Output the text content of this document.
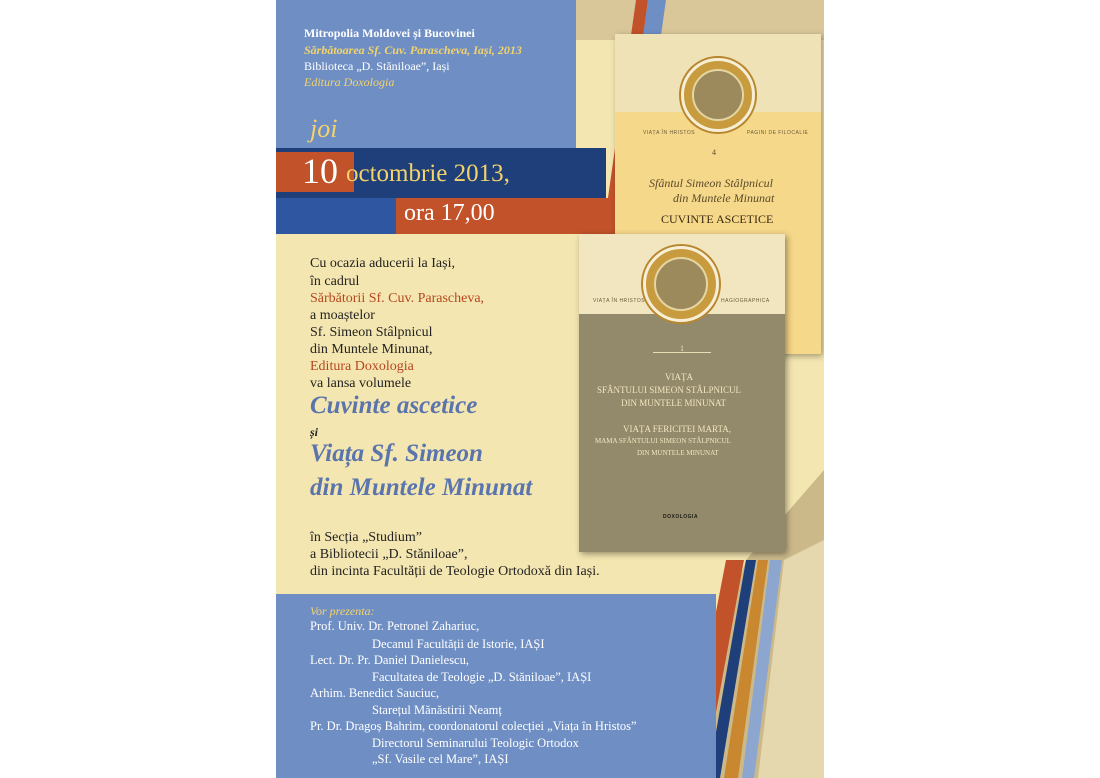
Mitropolia Moldovei și Bucovinei
Sărbătoarea Sf. Cuv. Parascheva, Iași, 2013
Biblioteca „D. Stăniloae”, Iași
Editura Doxologia
joi
10 octombrie 2013,
ora 17,00
VIAȚA ÎN HRISTOS	PAGINI DE FILOCALIE
4
Sfântul Simeon Stâlpnicul
din Muntele Minunat
CUVINTE ASCETICE
VIAȚA ÎN HRISTOS	HAGIOGRAPHICA
1
VIAȚA
SFÂNTULUI SIMEON STÂLPNICUL
DIN MUNTELE MINUNAT
VIAȚA FERICITEI MARTA,
MAMA SFÂNTULUI SIMEON STÂLPNICUL
DIN MUNTELE MINUNAT
DOXOLOGIA
Cu ocazia aducerii la Iași,
în cadrul
Sărbătorii Sf. Cuv. Parascheva,
a moaștelor
Sf. Simeon Stâlpnicul
din Muntele Minunat,
Editura Doxologia
va lansa volumele
Cuvinte ascetice
și
Viața Sf. Simeon
din Muntele Minunat
în Secția „Studium”
a Bibliotecii „D. Stăniloae”,
din incinta Facultății de Teologie Ortodoxă din Iași.
Vor prezenta:
Prof. Univ. Dr. Petronel Zahariuc,
Decanul Facultății de Istorie, IAȘI
Lect. Dr. Pr. Daniel Danielescu,
Facultatea de Teologie „D. Stăniloae”, IAȘI
Arhim. Benedict Sauciuc,
Starețul Mănăstirii Neamț
Pr. Dr. Dragoș Bahrim, coordonatorul colecției „Viața în Hristos”
Directorul Seminarului Teologic Ortodox
„Sf. Vasile cel Mare”, IAȘI
